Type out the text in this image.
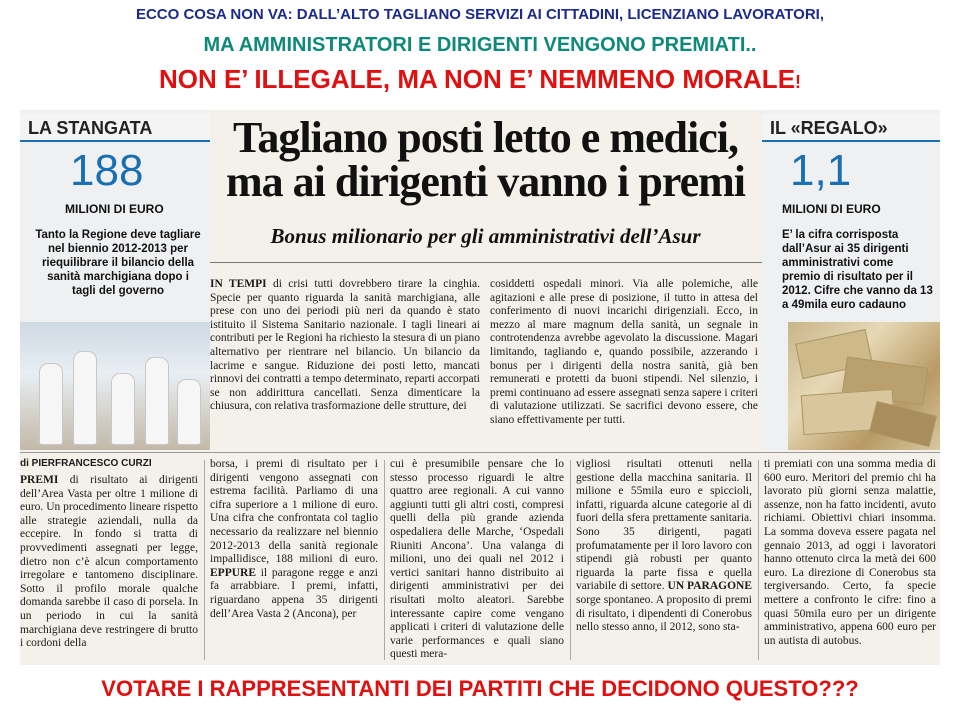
ECCO COSA NON VA: DALL’ALTO TAGLIANO SERVIZI AI CITTADINI, LICENZIANO LAVORATORI,
MA AMMINISTRATORI E DIRIGENTI VENGONO PREMIATI..
NON E’ ILLEGALE, MA NON E’ NEMMENO MORALE!
LA STANGATA
188
MILIONI DI EURO
Tanto la Regione deve tagliare nel biennio 2012-2013 per riequilibrare il bilancio della sanità marchigiana dopo i tagli del governo
Tagliano posti letto e medici,
ma ai dirigenti vanno i premi
Bonus milionario per gli amministrativi dell’Asur
IN TEMPI di crisi tutti dovrebbero tirare la cinghia. Specie per quanto riguarda la sanità marchigiana, alle prese con uno dei periodi più neri da quando è stato istituito il Sistema Sanitario nazionale. I tagli lineari ai contributi per le Regioni ha richiesto la stesura di un piano alternativo per rientrare nel bilancio. Un bilancio da lacrime e sangue. Riduzione dei posti letto, mancati rinnovi dei contratti a tempo determinato, reparti accorpati se non addirittura cancellati. Senza dimenticare la chiusura, con relativa trasformazione delle strutture, dei
cosiddetti ospedali minori. Via alle polemiche, alle agitazioni e alle prese di posizione, il tutto in attesa del conferimento di nuovi incarichi dirigenziali. Ecco, in mezzo al mare magnum della sanità, un segnale in controtendenza avrebbe agevolato la discussione. Magari limitando, tagliando e, quando possibile, azzerando i bonus per i dirigenti della nostra sanità, già ben remunerati e protetti da buoni stipendi. Nel silenzio, i premi continuano ad essere assegnati senza sapere i criteri di valutazione utilizzati. Se sacrifici devono essere, che siano effettivamente per tutti.
IL «REGALO»
1,1
MILIONI DI EURO
E’ la cifra corrisposta dall’Asur ai 35 dirigenti amministrativi come premio di risultato per il 2012. Cifre che vanno da 13 a 49mila euro cadauno
di PIERFRANCESCO CURZI
PREMI di risultato ai dirigenti dell’Area Vasta per oltre 1 milione di euro. Un procedimento lineare rispetto alle strategie aziendali, nulla da eccepire. In fondo si tratta di provvedimenti assegnati per legge, dietro non c’è alcun comportamento irregolare e tantomeno disciplinare. Sotto il profilo morale qualche domanda sarebbe il caso di porsela. In un periodo in cui la sanità marchigiana deve restringere di brutto i cordoni della
borsa, i premi di risultato per i dirigenti vengono assegnati con estrema facilità. Parliamo di una cifra superiore a 1 milione di euro. Una cifra che confrontata col taglio necessario da realizzare nel biennio 2012-2013 della sanità regionale impallidisce, 188 milioni di euro. EPPURE il paragone regge e anzi fa arrabbiare. I premi, infatti, riguardano appena 35 dirigenti dell’Area Vasta 2 (Ancona), per
cui è presumibile pensare che lo stesso processo riguardi le altre quattro aree regionali. A cui vanno aggiunti tutti gli altri costi, compresi quelli della più grande azienda ospedaliera delle Marche, ‘Ospedali Riuniti Ancona’. Una valanga di milioni, uno dei quali nel 2012 i vertici sanitari hanno distribuito ai dirigenti amministrativi per dei risultati molto aleatori. Sarebbe interessante capire come vengano applicati i criteri di valutazione delle varie performances e quali siano questi mera-
vigliosi risultati ottenuti nella gestione della macchina sanitaria. Il milione e 55mila euro e spiccioli, infatti, riguarda alcune categorie al di fuori della sfera prettamente sanitaria. Sono 35 dirigenti, pagati profumatamente per il loro lavoro con stipendi già robusti per quanto riguarda la parte fissa e quella variabile di settore. UN PARAGONE sorge spontaneo. A proposito di premi di risultato, i dipendenti di Conerobus nello stesso anno, il 2012, sono sta-
ti premiati con una somma media di 600 euro. Meritori del premio chi ha lavorato più giorni senza malattie, assenze, non ha fatto incidenti, avuto richiami. Obiettivi chiari insomma. La somma doveva essere pagata nel gennaio 2013, ad oggi i lavoratori hanno ottenuto circa la metà dei 600 euro. La direzione di Conerobus sta tergiversando. Certo, fa specie mettere a confronto le cifre: fino a quasi 50mila euro per un dirigente amministrativo, appena 600 euro per un autista di autobus.
VOTARE I RAPPRESENTANTI DEI PARTITI CHE DECIDONO QUESTO???
